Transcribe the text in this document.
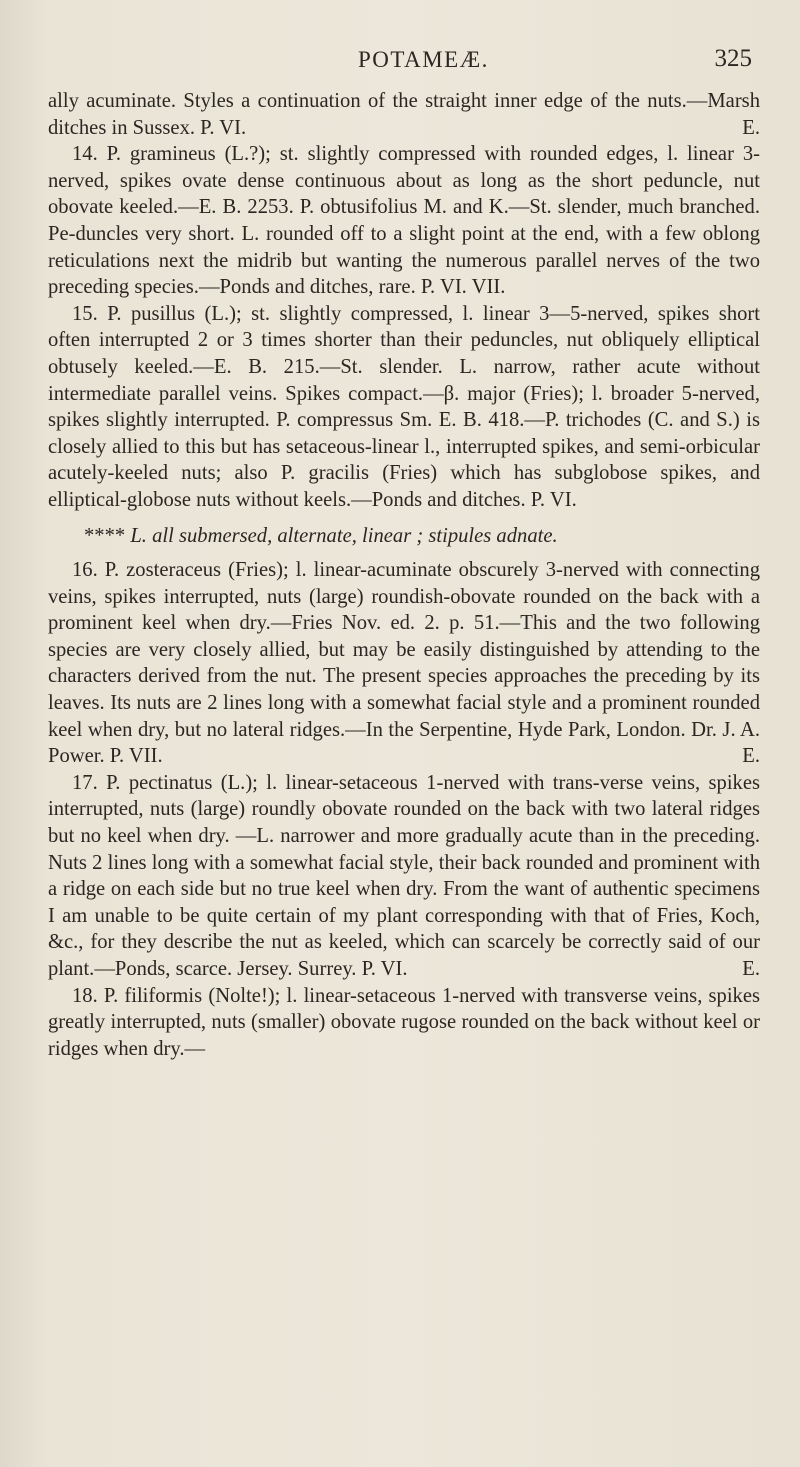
POTAMEÆ.	325

ally acuminate. Styles a continuation of the straight inner edge of the nuts.—Marsh ditches in Sussex. P. VI.	E.

14. P. gramineus (L.?); st. slightly compressed with rounded edges, l. linear 3-nerved, spikes ovate dense continuous about as long as the short peduncle, nut obovate keeled.—E. B. 2253. P. obtusifolius M. and K.—St. slender, much branched. Pe-duncles very short. L. rounded off to a slight point at the end, with a few oblong reticulations next the midrib but wanting the numerous parallel nerves of the two preceding species.—Ponds and ditches, rare. P. VI. VII.

15. P. pusillus (L.); st. slightly compressed, l. linear 3—5-nerved, spikes short often interrupted 2 or 3 times shorter than their peduncles, nut obliquely elliptical obtusely keeled.—E. B. 215.—St. slender. L. narrow, rather acute without intermediate parallel veins. Spikes compact.—β. major (Fries); l. broader 5-nerved, spikes slightly interrupted. P. compressus Sm. E. B. 418.—P. trichodes (C. and S.) is closely allied to this but has setaceous-linear l., interrupted spikes, and semi-orbicular acutely-keeled nuts; also P. gracilis (Fries) which has subglobose spikes, and elliptical-globose nuts without keels.—Ponds and ditches. P. VI.

**** L. all submersed, alternate, linear ; stipules adnate.

16. P. zosteraceus (Fries); l. linear-acuminate obscurely 3-nerved with connecting veins, spikes interrupted, nuts (large) roundish-obovate rounded on the back with a prominent keel when dry.—Fries Nov. ed. 2. p. 51.—This and the two following species are very closely allied, but may be easily distinguished by attending to the characters derived from the nut. The present species approaches the preceding by its leaves. Its nuts are 2 lines long with a somewhat facial style and a prominent rounded keel when dry, but no lateral ridges.—In the Serpentine, Hyde Park, London. Dr. J. A. Power. P. VII.	E.

17. P. pectinatus (L.); l. linear-setaceous 1-nerved with trans-verse veins, spikes interrupted, nuts (large) roundly obovate rounded on the back with two lateral ridges but no keel when dry. —L. narrower and more gradually acute than in the preceding. Nuts 2 lines long with a somewhat facial style, their back rounded and prominent with a ridge on each side but no true keel when dry. From the want of authentic specimens I am unable to be quite certain of my plant corresponding with that of Fries, Koch, &c., for they describe the nut as keeled, which can scarcely be correctly said of our plant.—Ponds, scarce. Jersey. Surrey. P. VI.	E.

18. P. filiformis (Nolte!); l. linear-setaceous 1-nerved with transverse veins, spikes greatly interrupted, nuts (smaller) obovate rugose rounded on the back without keel or ridges when dry.—
